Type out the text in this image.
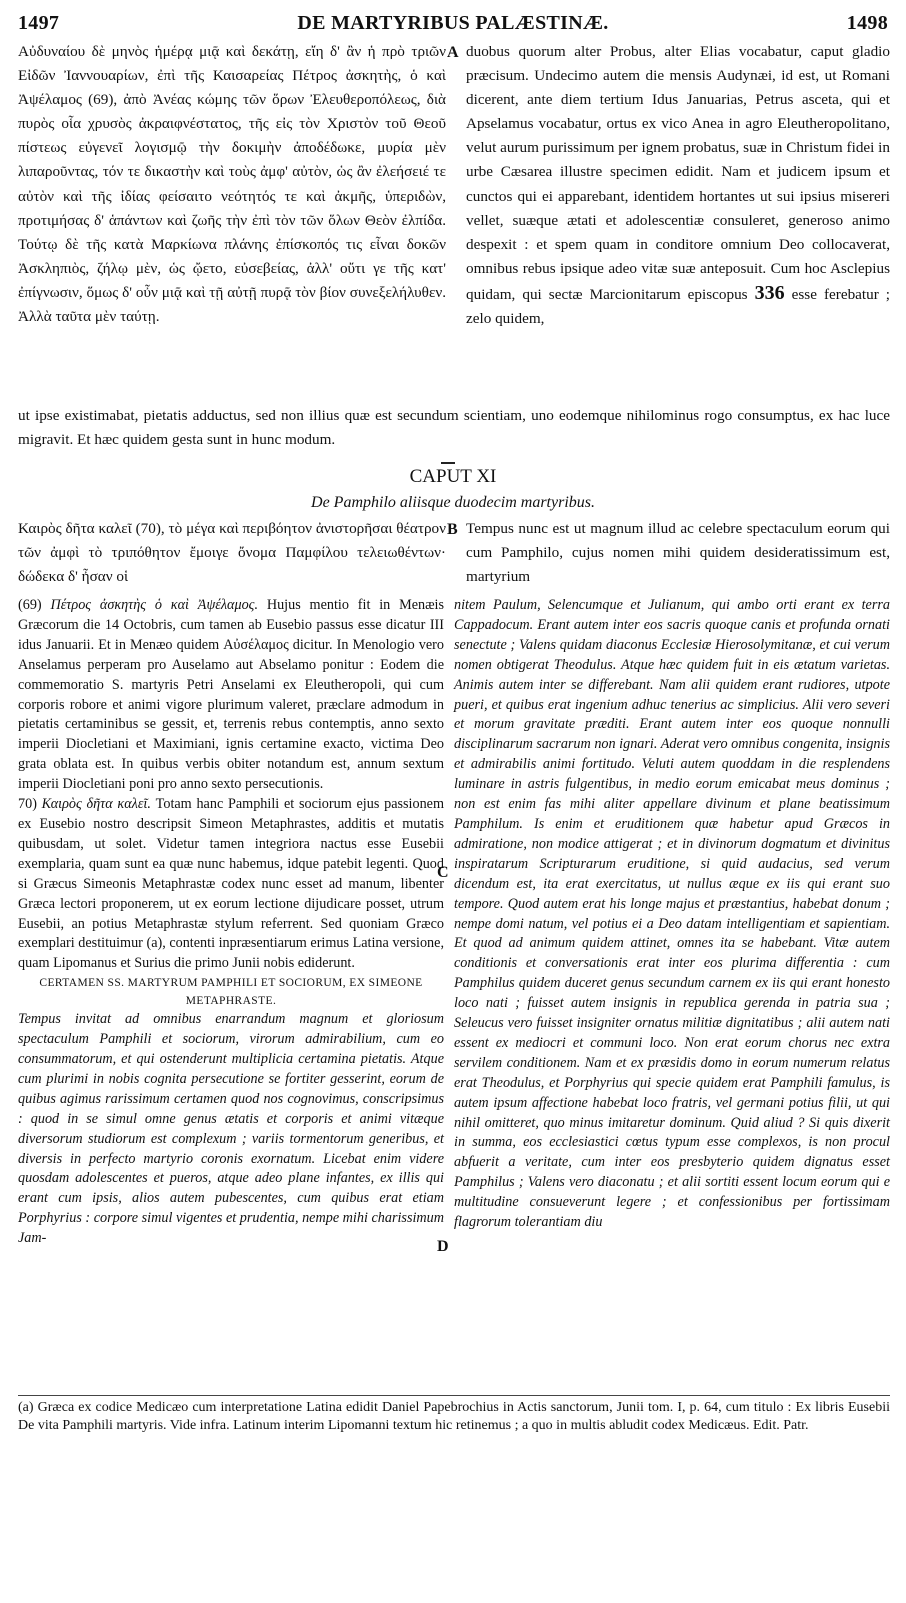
1497	DE MARTYRIBUS PALÆSTINÆ.	1498

Αὐδυναίου δὲ μηνὸς ἡμέρᾳ μιᾷ καὶ δεκάτῃ, εἴη δ' ἂν ἡ πρὸ τριῶν Εἰδῶν Ἰαννουαρίων, ἐπὶ τῆς Καισαρείας Πέτρος ἀσκητὴς, ὁ καὶ Ἀψέλαμος (69), ἀπὸ Ἀνέας κώμης τῶν ὅρων Ἐλευθεροπόλεως, διὰ πυρὸς οἷα χρυσὸς ἀκραιφνέστατος, τῆς εἰς τὸν Χριστὸν τοῦ Θεοῦ πίστεως εὐγενεῖ λογισμῷ τὴν δοκιμὴν ἀποδέδωκε, μυρία μὲν λιπαροῦντας, τόν τε δικαστὴν καὶ τοὺς ἀμφ' αὐτὸν, ὡς ἂν ἐλεήσειέ τε αὐτὸν καὶ τῆς ἰδίας φείσαιτο νεότητός τε καὶ ἀκμῆς, ὑπεριδὼν, προτιμήσας δ' ἁπάντων καὶ ζωῆς τὴν ἐπὶ τὸν τῶν ὅλων Θεὸν ἐλπίδα. Τούτῳ δὲ τῆς κατὰ Μαρκίωνα πλάνης ἐπίσκοπός τις εἶναι δοκῶν Ἀσκληπιὸς, ζήλῳ μὲν, ὡς ᾤετο, εὐσεβείας, ἀλλ' οὔτι γε τῆς κατ' ἐπίγνωσιν, ὅμως δ' οὖν μιᾷ καὶ τῇ αὐτῇ πυρᾷ τὸν βίον συνεξελήλυθεν. Ἀλλὰ ταῦτα μὲν ταύτῃ.

A duobus quorum alter Probus, alter Elias vocabatur, caput gladio præcisum. Undecimo autem die mensis Audynæi, id est, ut Romani dicerent, ante diem tertium Idus Januarias, Petrus asceta, qui et Apselamus vocabatur, ortus ex vico Anea in agro Eleutheropolitano, velut aurum purissimum per ignem probatus, suæ in Christum fidei in urbe Cæsarea illustre specimen edidit. Nam et judicem ipsum et cunctos qui ei apparebant, identidem hortantes ut sui ipsius misereri vellet, suæque ætati et adolescentiæ consuleret, generoso animo despexit : et spem quam in conditore omnium Deo collocaverat, omnibus rebus ipsique adeo vitæ suæ anteposuit. Cum hoc Asclepius quidam, qui sectæ Marcionitarum episcopus 336 esse ferebatur ; zelo quidem,

ut ipse existimabat, pietatis adductus, sed non illius quæ est secundum scientiam, uno eodemque nihilominus rogo consumptus, ex hac luce migravit. Et hæc quidem gesta sunt in hunc modum.
CAPUT XI
De Pamphilo aliisque duodecim martyribus.

Καιρὸς δῆτα καλεῖ (70), τὸ μέγα καὶ περιβόητον ἀνιστορῆσαι θέατρον τῶν ἀμφὶ τὸ τριπόθητον ἔμοιγε ὄνομα Παμφίλου τελειωθέντων· δώδεκα δ' ἦσαν οἱ

B Tempus nunc est ut magnum illud ac celebre spectaculum eorum qui cum Pamphilo, cujus nomen mihi quidem desideratissimum est, martyrium

(69) Πέτρος ἀσκητὴς ὁ καὶ Ἀψέλαμος. Hujus mentio fit in Menæis Græcorum die 14 Octobris, cum tamen ab Eusebio passus esse dicatur III idus Januarii. Et in Menæo quidem Αὐσέλαμος dicitur. In Menologio vero Anselamus perperam pro Auselamo aut Abselamo ponitur : Eodem die commemoratio S. martyris Petri Anselami ex Eleutheropoli, qui cum corporis robore et animi vigore plurimum valeret, præclare admodum in pietatis certaminibus se gessit, et, terrenis rebus contemptis, anno sexto imperii Diocletiani et Maximiani, ignis certamine exacto, victima Deo grata oblata est. In quibus verbis obiter notandum est, annum sextum imperii Diocletiani poni pro anno sexto persecutionis.

70) Καιρὸς δῆτα καλεῖ. Totam hanc Pamphili et sociorum ejus passionem ex Eusebio nostro descripsit Simeon Metaphrastes, additis et mutatis quibusdam, ut solet. Videtur tamen integriora nactus esse Eusebii exemplaria, quam sunt ea quæ nunc habemus, idque patebit legenti. Quod si Græcus Simeonis Metaphrastæ codex nunc esset ad manum, libenter Græca lectori proponerem, ut ex eorum lectione dijudicare posset, utrum Eusebii, an potius Metaphrastæ stylum referrent. Sed quoniam Græco exemplari destituimur (a), contenti inpræsentiarum erimus Latina versione, quam Lipomanus et Surius die primo Junii nobis ediderunt.

CERTAMEN SS. MARTYRUM PAMPHILI ET SOCIORUM, EX SIMEONE METAPHRASTE.

Tempus invitat ad omnibus enarrandum magnum et gloriosum spectaculum Pamphili et sociorum, virorum admirabilium, cum eo consummatorum, et qui ostenderunt multiplicia certamina pietatis. Atque cum plurimi in nobis cognita persecutione se fortiter gesserint, eorum de quibus agimus rarissimum certamen quod nos cognovimus, conscripsimus : quod in se simul omne genus ætatis et corporis et animi vitæque diversorum studiorum est complexum ; variis tormentorum generibus, et diversis in perfecto martyrio coronis exornatum. Licebat enim videre quosdam adolescentes et pueros, atque adeo plane infantes, ex illis qui erant cum ipsis, alios autem pubescentes, cum quibus erat etiam Porphyrius : corpore simul vigentes et prudentia, nempe mihi charissimum Jam-

C
D

nitem Paulum, Selencumque et Julianum, qui ambo orti erant ex terra Cappadocum. Erant autem inter eos sacris quoque canis et profunda ornati senectute ; Valens quidam diaconus Ecclesiæ Hierosolymitanæ, et cui verum nomen obtigerat Theodulus. Atque hæc quidem fuit in eis ætatum varietas. Animis autem inter se differebant. Nam alii quidem erant rudiores, utpote pueri, et quibus erat ingenium adhuc tenerius ac simplicius. Alii vero severi et morum gravitate præditi. Erant autem inter eos quoque nonnulli disciplinarum sacrarum non ignari. Aderat vero omnibus congenita, insignis et admirabilis animi fortitudo. Veluti autem quoddam in die resplendens luminare in astris fulgentibus, in medio eorum emicabat meus dominus ; non est enim fas mihi aliter appellare divinum et plane beatissimum Pamphilum. Is enim et eruditionem quæ habetur apud Græcos in admiratione, non modice attigerat ; et in divinorum dogmatum et divinitus inspiratarum Scripturarum eruditione, si quid audacius, sed verum dicendum est, ita erat exercitatus, ut nullus æque ex iis qui erant suo tempore. Quod autem erat his longe majus et præstantius, habebat donum ; nempe domi natum, vel potius ei a Deo datam intelligentiam et sapientiam. Et quod ad animum quidem attinet, omnes ita se habebant. Vitæ autem conditionis et conversationis erat inter eos plurima differentia : cum Pamphilus quidem duceret genus secundum carnem ex iis qui erant honesto loco nati ; fuisset autem insignis in republica gerenda in patria sua ; Seleucus vero fuisset insigniter ornatus militiæ dignitatibus ; alii autem nati essent ex mediocri et communi loco. Non erat eorum chorus nec extra servilem conditionem. Nam et ex præsidis domo in eorum numerum relatus erat Theodulus, et Porphyrius qui specie quidem erat Pamphili famulus, is autem ipsum affectione habebat loco fratris, vel germani potius filii, ut qui nihil omitteret, quo minus imitaretur dominum. Quid aliud ? Si quis dixerit in summa, eos ecclesiastici cœtus typum esse complexos, is non procul abfuerit a veritate, cum inter eos presbyterio quidem dignatus esset Pamphilus ; Valens vero diaconatu ; et alii sortiti essent locum eorum qui e multitudine consueverunt legere ; et confessionibus per fortissimam flagrorum tolerantiam diu

(a) Græca ex codice Medicæo cum interpretatione Latina edidit Daniel Papebrochius in Actis sanctorum, Junii tom. I, p. 64, cum titulo : Ex libris Eusebii De vita Pamphili martyris. Vide infra. Latinum interim Lipomanni textum hic retinemus ; a quo in multis abludit codex Medicæus. Edit. Patr.
